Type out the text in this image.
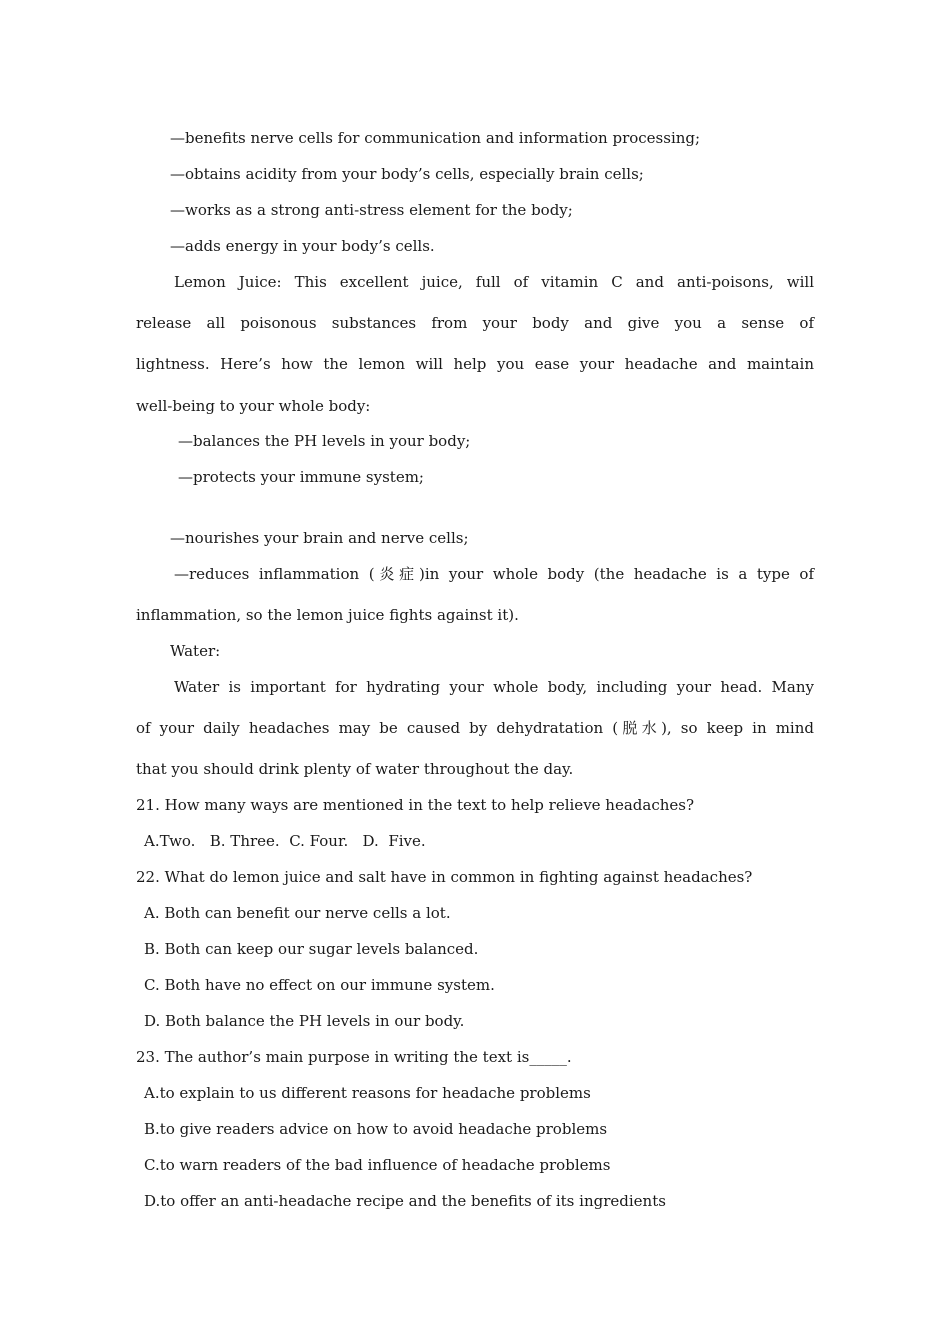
—benefits nerve cells for communication and information processing;
—obtains acidity from your body’s cells, especially brain cells;
—works as a strong anti-stress element for the body;
—adds energy in your body’s cells.
Lemon Juice: This excellent juice, full of vitamin C and anti-poisons, will
release all poisonous substances from your body and give you a sense of
lightness. Here’s how the lemon will help you ease your headache and maintain
well-being to your whole body:
—balances the PH levels in your body;
—protects your immune system;
—nourishes your brain and nerve cells;
—reduces inflammation (炎症)in your whole body (the headache is a type of
inflammation, so the lemon juice fights against it).
Water:
Water is important for hydrating your whole body, including your head. Many
of your daily headaches may be caused by dehydratation (脱水), so keep in mind
that you should drink plenty of water throughout the day.
21. How many ways are mentioned in the text to help relieve headaches?
A.Two.   B. Three.  C. Four.   D.  Five.
22. What do lemon juice and salt have in common in fighting against headaches?
A. Both can benefit our nerve cells a lot.
B. Both can keep our sugar levels balanced.
C. Both have no effect on our immune system.
D. Both balance the PH levels in our body.
23. The author’s main purpose in writing the text is_____.
A.to explain to us different reasons for headache problems
B.to give readers advice on how to avoid headache problems
C.to warn readers of the bad influence of headache problems
D.to offer an anti-headache recipe and the benefits of its ingredients
